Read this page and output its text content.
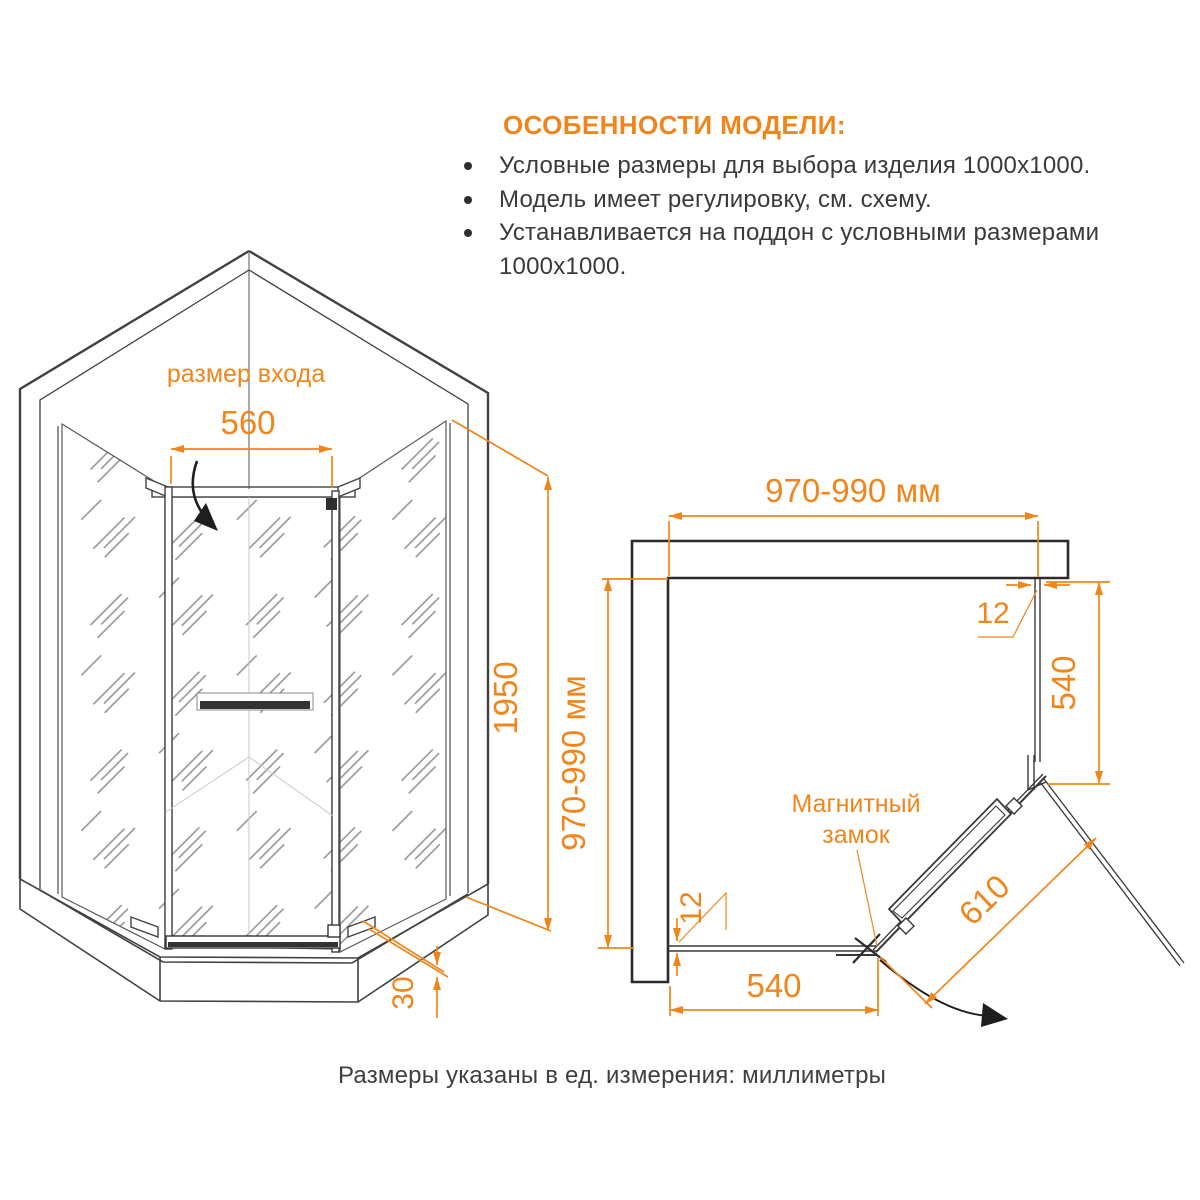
ОСОБЕННОСТИ МОДЕЛИ:
Условные размеры для выбора изделия 1000x1000.
Модель имеет регулировку, см. схему.
Устанавливается на поддон с условными размерами 1000x1000.
размер входа
560
1950
30
970-990 мм
970-990 мм
12
12
540
540
610
Магнитный
замок
Размеры указаны в ед. измерения: миллиметры
